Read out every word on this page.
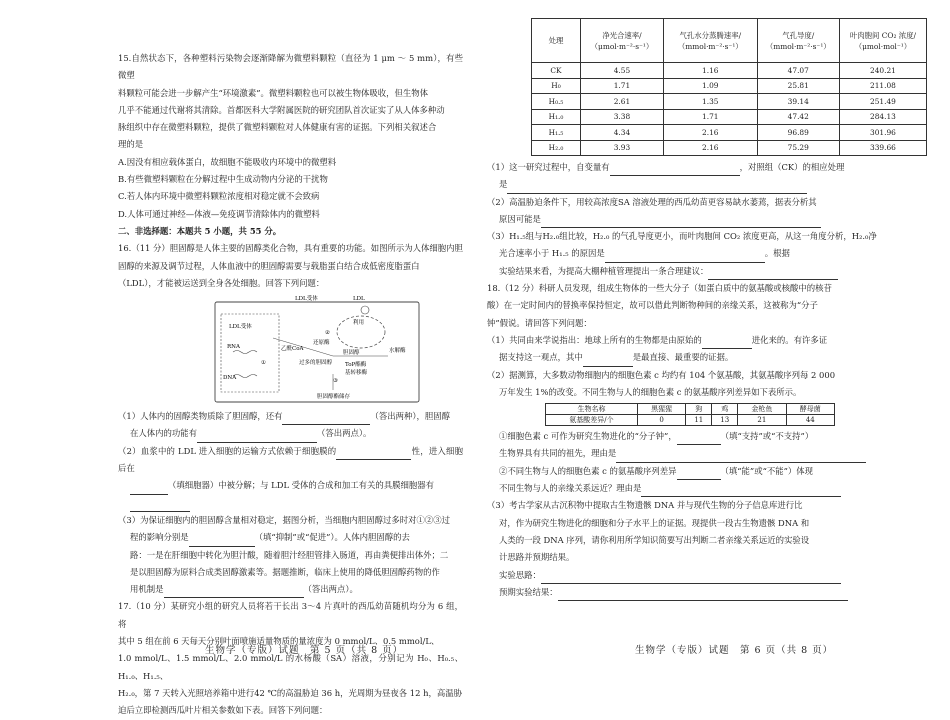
15.自然状态下，各种塑料污染物会逐渐降解为微塑料颗粒（直径为 1 μm ～ 5 mm），有些微塑

料颗粒可能会进一步解产生“环境激素”。微塑料颗粒也可以被生物体吸收，但生物体

几乎不能通过代谢将其清除。首都医科大学附属医院的研究团队首次证实了从人体多种动

脉组织中存在微塑料颗粒，提供了微塑料颗粒对人体健康有害的证据。下列相关叙述合

理的是

A.因没有相应载体蛋白，故细胞不能吸收内环境中的微塑料

B.有些微塑料颗粒在分解过程中生成动物内分泌的干扰物

C.若人体内环境中微塑料颗粒浓度相对稳定就不会致病

D.人体可通过神经—体液—免疫调节清除体内的微塑料

二、非选择题：本题共 5 小题，共 55 分。

16.（11 分）胆固醇是人体主要的固醇类化合物，具有重要的功能。如图所示为人体细胞内胆

固醇的来源及调节过程，人体血液中的胆固醇需要与载脂蛋白结合成低密度脂蛋白

（LDL），才能被运送到全身各处细胞。回答下列问题：

LDL受体	LDL
LDL受体
RNA
DNA
乙酰CoA
还原酶
过多的胆固醇
利用
胆固醇	水解酶
ToP酯酶
基转移酶
胆固醇酯储存
①
②
③

（1）人体内的固醇类物质除了胆固醇，还有	（答出两种），胆固醇

在人体内的功能有	（答出两点）。

（2）血浆中的 LDL 进入细胞的运输方式依赖于细胞膜的	性，进入细胞后在

（填细胞器）中被分解；与 LDL 受体的合成和加工有关的具膜细胞器有

（3）为保证细胞内的胆固醇含量相对稳定，据图分析，当细胞内胆固醇过多时对①②③过

程的影响分别是	（填“抑制”或“促进”）。人体内胆固醇的去

路：一是在肝细胞中转化为胆汁酸，随着胆汁经胆管排入肠道，再由粪便排出体外；二

是以胆固醇为原料合成类固醇激素等。据题推断，临床上使用的降低胆固醇药物的作

用机制是	（答出两点）。

17.（10 分）某研究小组的研究人员将若干长出 3～4 片真叶的西瓜幼苗随机均分为 6 组，将

其中 5 组在前 6 天每天分别叶面喷施适量物质的量浓度为 0 mmol/L、0.5 mmol/L、

1.0 mmol/L、1.5 mmol/L、2.0 mmol/L 的水杨酸（SA）溶液，分别记为 H₀、H₀.₅、H₁.₀、H₁.₅、

H₂.₀，第 7 天转入光照培养箱中进行42 ℃的高温胁迫 36 h，光周期为昼夜各 12 h，高温胁

迫后立即检测西瓜叶片相关参数如下表。回答下列问题：

生物学（专版）试题　第 5 页（共 8 页）
处理	净光合速率/（μmol·m⁻²·s⁻¹）	气孔水分蒸腾速率/（mmol·m⁻²·s⁻¹）	气孔导度/（mmol·m⁻²·s⁻¹）	叶肉胞间 CO₂ 浓度/（μmol·mol⁻¹）
CK	4.55	1.16	47.07	240.21
H₀	1.71	1.09	25.81	211.08
H₀.₅	2.61	1.35	39.14	251.49
H₁.₀	3.38	1.71	47.42	284.13
H₁.₅	4.34	2.16	96.89	301.96
H₂.₀	3.93	2.16	75.29	339.66

（1）这一研究过程中，自变量有	，对照组（CK）的相应处理

是

（2）高温胁迫条件下，用较高浓度SA 溶液处理的西瓜幼苗更容易缺水萎蔫，据表分析其

原因可能是

（3）H₁.₅组与H₂.₀组比较，H₂.₀ 的气孔导度更小，而叶肉胞间 CO₂ 浓度更高，从这一角度分析，H₂.₀净

光合速率小于 H₁.₅ 的原因是	。根据

实验结果来看，为提高大棚种植管理提出一条合理建议：

18.（12 分）科研人员发现，组成生物体的一些大分子（如蛋白质中的氨基酸或核酸中的核苷

酸）在一定时间内的替换率保持恒定，故可以借此判断物种间的亲缘关系，这被称为“分子

钟”假说。请回答下列问题：

（1）共同由来学说指出：地球上所有的生物都是由原始的	进化来的。有许多证

据支持这一观点，其中	是最直接、最重要的证据。

（2）据测算，大多数动物细胞内的细胞色素 c 均约有 104 个氨基酸，其氨基酸序列每 2 000

万年发生 1%的改变。不同生物与人的细胞色素 c 的氨基酸序列差异如下表所示。

生物名称	黑猩猩	狗	鸡	金枪鱼	酵母菌
氨基酸差异/个	0	11	13	21	44

①细胞色素 c 可作为研究生物进化的“分子钟”，	（填“支持”或“不支持”）

生物界具有共同的祖先，理由是

②不同生物与人的细胞色素 c 的氨基酸序列差异	（填“能”或“不能”）体现

不同生物与人的亲缘关系远近？理由是

（3）考古学家从古沉积物中提取古生物遗骸 DNA 并与现代生物的分子信息库进行比

对，作为研究生物进化的细胞和分子水平上的证据。现提供一段古生物遗骸 DNA 和

人类的一段 DNA 序列，请你利用所学知识简要写出判断二者亲缘关系远近的实验设

计思路并预期结果。

实验思路：

预期实验结果：

生物学（专版）试题　第 6 页（共 8 页）
